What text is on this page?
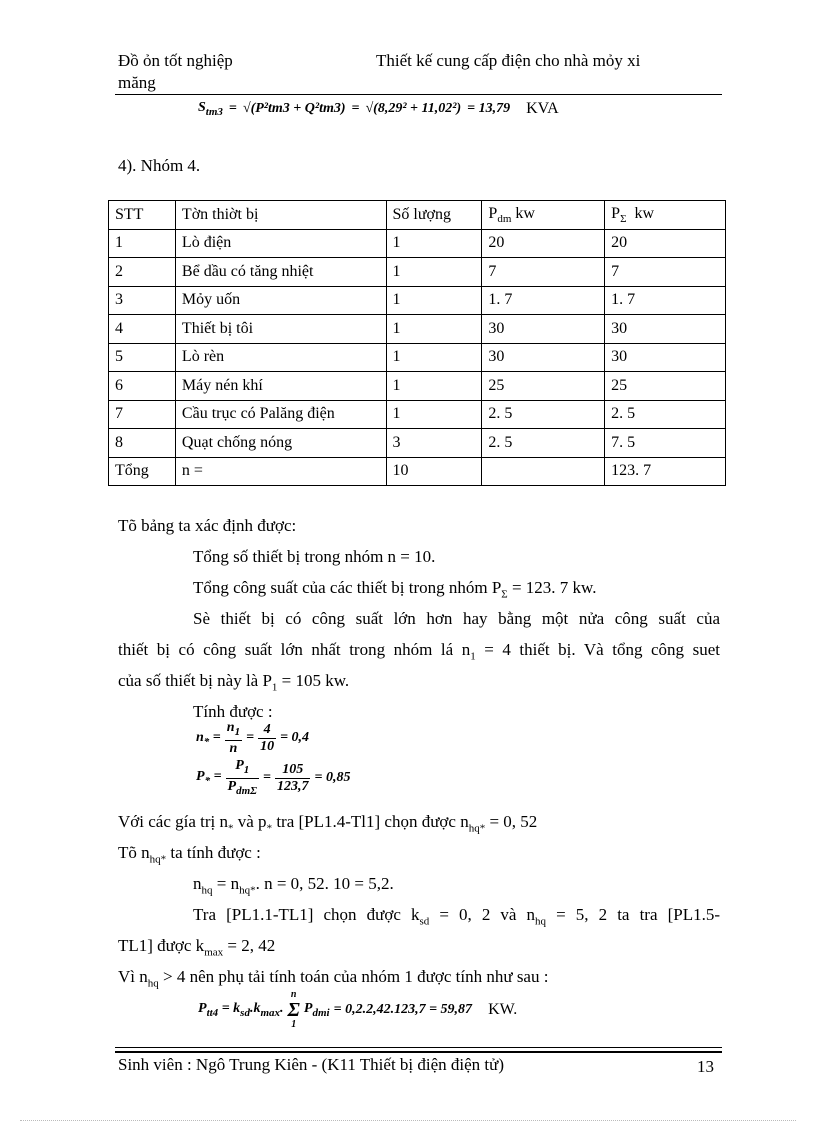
Đồ ỏn tốt nghiệp
măng
Thiết kế cung cấp điện cho nhà mỏy xi
$S_{tm3} = √(P^2tm3 + Q^2tm3) = √(8,29^2 + 11,02^2) = 13,79$ KVA
4). Nhóm 4.
STT	Tờn thiờt bị	Số lượng	$P_{dm}$ kw	$P_\Sigma$ kw
1	Lò điện	1	20	20
2	Bể dầu có tăng nhiệt	1	7	7
3	Mỏy uốn	1	1. 7	1. 7
4	Thiết bị tôi	1	30	30
5	Lò rèn	1	30	30
6	Máy nén khí	1	25	25
7	Cầu trục có Palăng điện	1	2. 5	2. 5
8	Quạt chống nóng	3	2. 5	7. 5
Tổng	n =	10		123. 7
Tõ bảng ta xác định được:
Tổng số thiết bị trong nhóm n = 10.
Tổng công suất của các thiết bị trong nhóm $P_\Sigma = 123$. 7 kw.
Sè thiết bị có công suất lớn hơn hay bằng một nửa công suất của
thiết bị có công suất lớn nhất trong nhóm lá $n_1 = 4$ thiết bị. Và tổng công suet
của số thiết bị này là $P_1 = 105$ kw.
Tính được :
$n_* = \frac{n_1}{n} = \frac{4}{10} = 0,4$
$P_* = \frac{P_1}{P_{dm\Sigma}} = \frac{105}{123,7} = 0,85$
Với các gía trị $n_*$ và $p_*$ tra [PL1.4-Tl1] chọn được $n_{hq*} = 0$, 52
Tõ $n_{hq*}$ ta tính được :
$n_{hq} = n_{hq*}$. n = 0, 52. 10 = 5,2.
Tra [PL1.1-TL1] chọn được $k_{sd} = 0$, 2 và $n_{hq} = 5$, 2 ta tra [PL1.5-
TL1] được $k_{max} = 2$, 42
Vì $n_{hq} > 4$ nên phụ tải tính toán của nhóm 1 được tính như sau :
$P_{tt4} = k_{sd}.k_{max}$.
n
Σ
1
$P_{dmi} = 0,2.2,42.123,7 = 59,87$ KW.
Sinh viên : Ngô Trung Kiên - (K11 Thiết bị điện điện tử)	13
